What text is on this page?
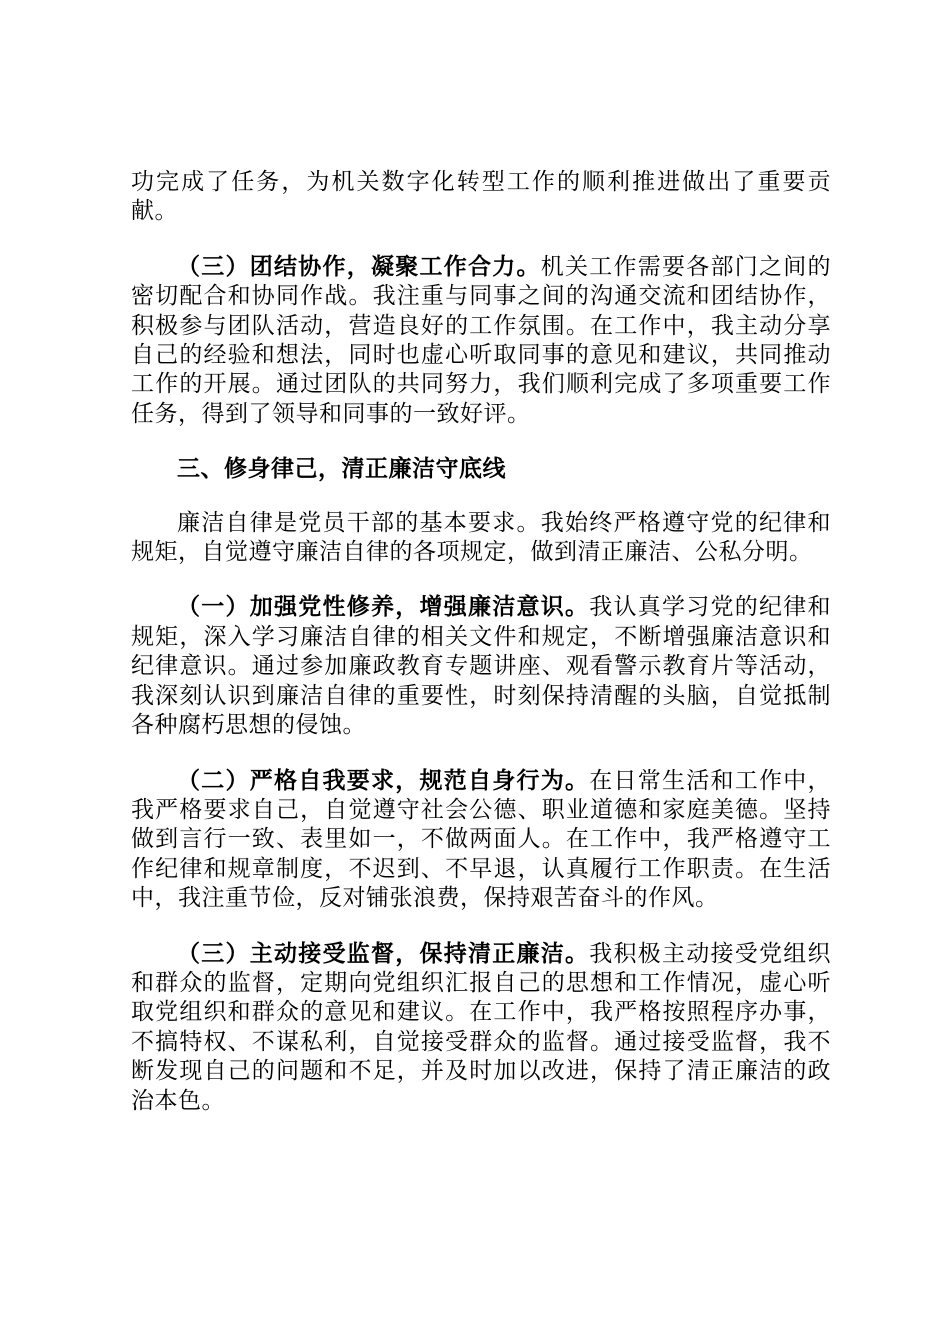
功完成了任务，为机关数字化转型工作的顺利推进做出了重要贡献。

（三）团结协作，凝聚工作合力。机关工作需要各部门之间的密切配合和协同作战。我注重与同事之间的沟通交流和团结协作，积极参与团队活动，营造良好的工作氛围。在工作中，我主动分享自己的经验和想法，同时也虚心听取同事的意见和建议，共同推动工作的开展。通过团队的共同努力，我们顺利完成了多项重要工作任务，得到了领导和同事的一致好评。

三、修身律己，清正廉洁守底线

廉洁自律是党员干部的基本要求。我始终严格遵守党的纪律和规矩，自觉遵守廉洁自律的各项规定，做到清正廉洁、公私分明。

（一）加强党性修养，增强廉洁意识。我认真学习党的纪律和规矩，深入学习廉洁自律的相关文件和规定，不断增强廉洁意识和纪律意识。通过参加廉政教育专题讲座、观看警示教育片等活动，我深刻认识到廉洁自律的重要性，时刻保持清醒的头脑，自觉抵制各种腐朽思想的侵蚀。

（二）严格自我要求，规范自身行为。在日常生活和工作中，我严格要求自己，自觉遵守社会公德、职业道德和家庭美德。坚持做到言行一致、表里如一，不做两面人。在工作中，我严格遵守工作纪律和规章制度，不迟到、不早退，认真履行工作职责。在生活中，我注重节俭，反对铺张浪费，保持艰苦奋斗的作风。

（三）主动接受监督，保持清正廉洁。我积极主动接受党组织和群众的监督，定期向党组织汇报自己的思想和工作情况，虚心听取党组织和群众的意见和建议。在工作中，我严格按照程序办事，不搞特权、不谋私利，自觉接受群众的监督。通过接受监督，我不断发现自己的问题和不足，并及时加以改进，保持了清正廉洁的政治本色。
